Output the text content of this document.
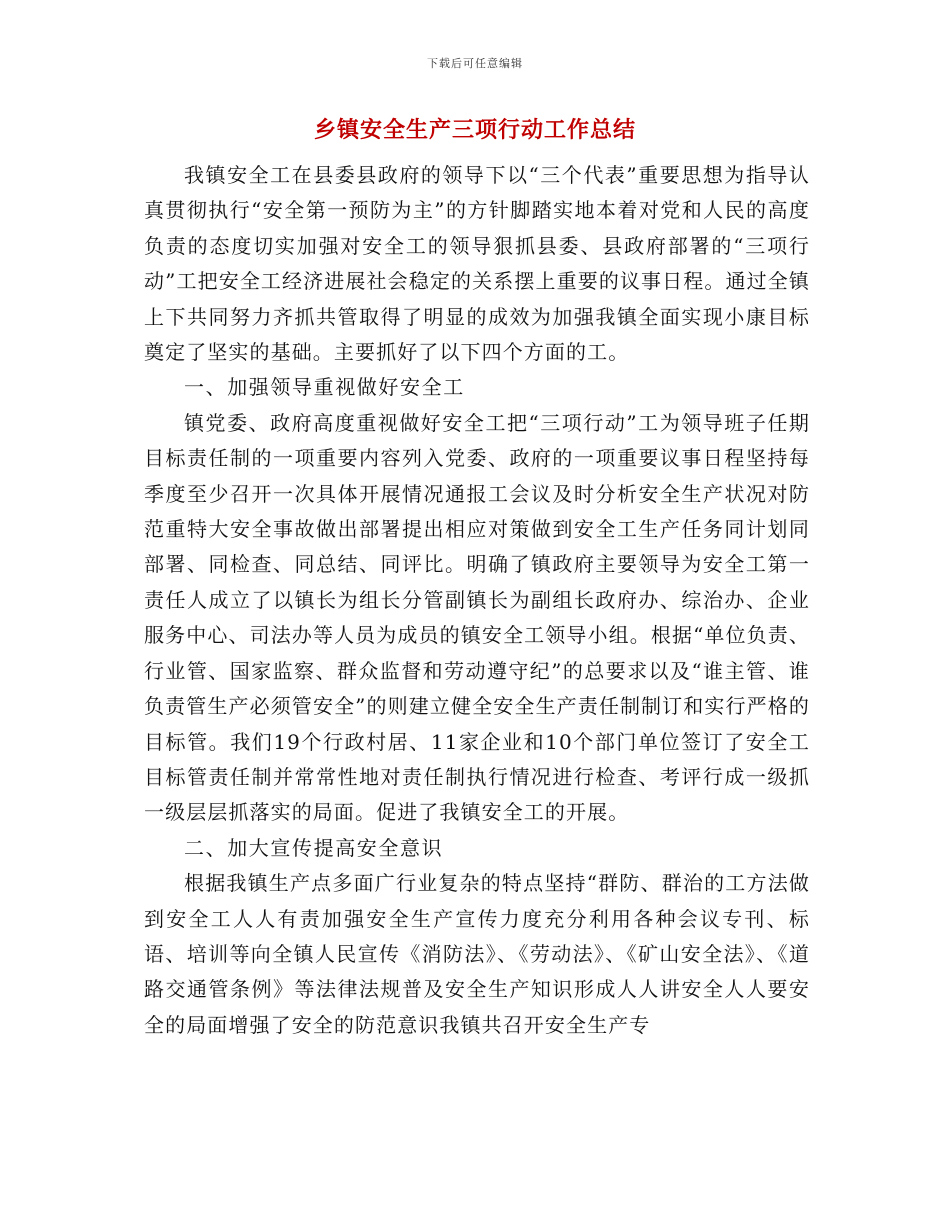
下载后可任意编辑
乡镇安全生产三项行动工作总结

我镇安全工在县委县政府的领导下以“三个代表”重要思想为指导认真贯彻执行“安全第一预防为主”的方针脚踏实地本着对党和人民的高度负责的态度切实加强对安全工的领导狠抓县委、县政府部署的“三项行动”工把安全工经济进展社会稳定的关系摆上重要的议事日程。通过全镇上下共同努力齐抓共管取得了明显的成效为加强我镇全面实现小康目标奠定了坚实的基础。主要抓好了以下四个方面的工。

一、加强领导重视做好安全工

镇党委、政府高度重视做好安全工把“三项行动”工为领导班子任期目标责任制的一项重要内容列入党委、政府的一项重要议事日程坚持每季度至少召开一次具体开展情况通报工会议及时分析安全生产状况对防范重特大安全事故做出部署提出相应对策做到安全工生产任务同计划同部署、同检查、同总结、同评比。明确了镇政府主要领导为安全工第一责任人成立了以镇长为组长分管副镇长为副组长政府办、综治办、企业服务中心、司法办等人员为成员的镇安全工领导小组。根据“单位负责、行业管、国家监察、群众监督和劳动遵守纪”的总要求以及“谁主管、谁负责管生产必须管安全”的则建立健全安全生产责任制制订和实行严格的目标管。我们19个行政村居、11家企业和10个部门单位签订了安全工目标管责任制并常常性地对责任制执行情况进行检查、考评行成一级抓一级层层抓落实的局面。促进了我镇安全工的开展。

二、加大宣传提高安全意识

根据我镇生产点多面广行业复杂的特点坚持“群防、群治的工方法做到安全工人人有责加强安全生产宣传力度充分利用各种会议专刊、标语、培训等向全镇人民宣传《消防法》、《劳动法》、《矿山安全法》、《道路交通管条例》等法律法规普及安全生产知识形成人人讲安全人人要安全的局面增强了安全的防范意识我镇共召开安全生产专
